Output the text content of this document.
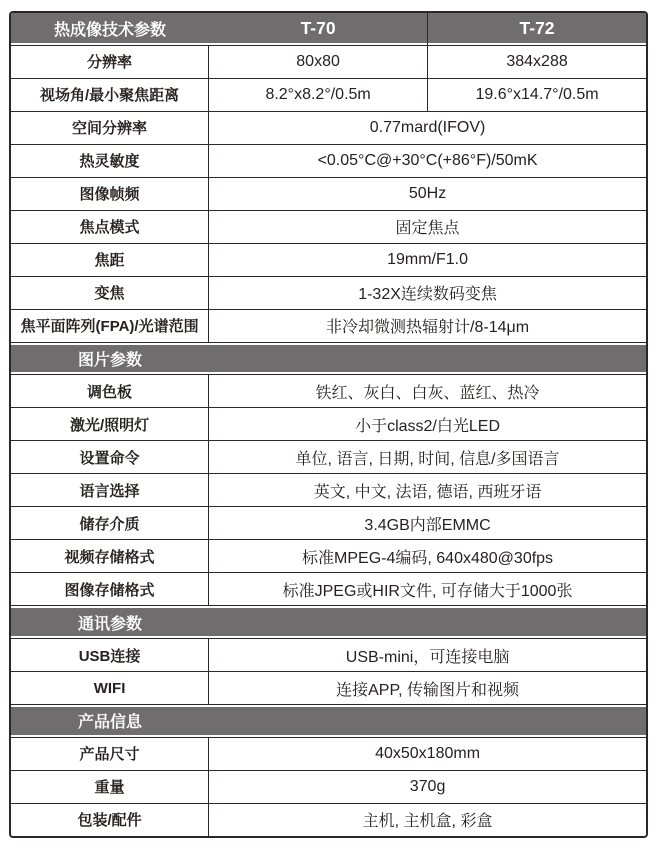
热成像技术参数	T-70	T-72
分辨率	80x80	384x288
视场角/最小聚焦距离	8.2°x8.2°/0.5m	19.6°x14.7°/0.5m
空间分辨率	0.77mard(IFOV)
热灵敏度	<0.05°C@+30°C(+86°F)/50mK
图像帧频	50Hz
焦点模式	固定焦点
焦距	19mm/F1.0
变焦	1-32X连续数码变焦
焦平面阵列(FPA)/光谱范围	非冷却微测热辐射计/8-14μm
图片参数
调色板	铁红、灰白、白灰、蓝红、热冷
激光/照明灯	小于class2/白光LED
设置命令	单位, 语言, 日期, 时间, 信息/多国语言
语言选择	英文, 中文, 法语, 德语, 西班牙语
储存介质	3.4GB内部EMMC
视频存储格式	标准MPEG-4编码, 640x480@30fps
图像存储格式	标准JPEG或HIR文件, 可存储大于1000张
通讯参数
USB连接	USB-mini，可连接电脑
WIFI	连接APP, 传输图片和视频
产品信息
产品尺寸	40x50x180mm
重量	370g
包装/配件	主机, 主机盒, 彩盒
